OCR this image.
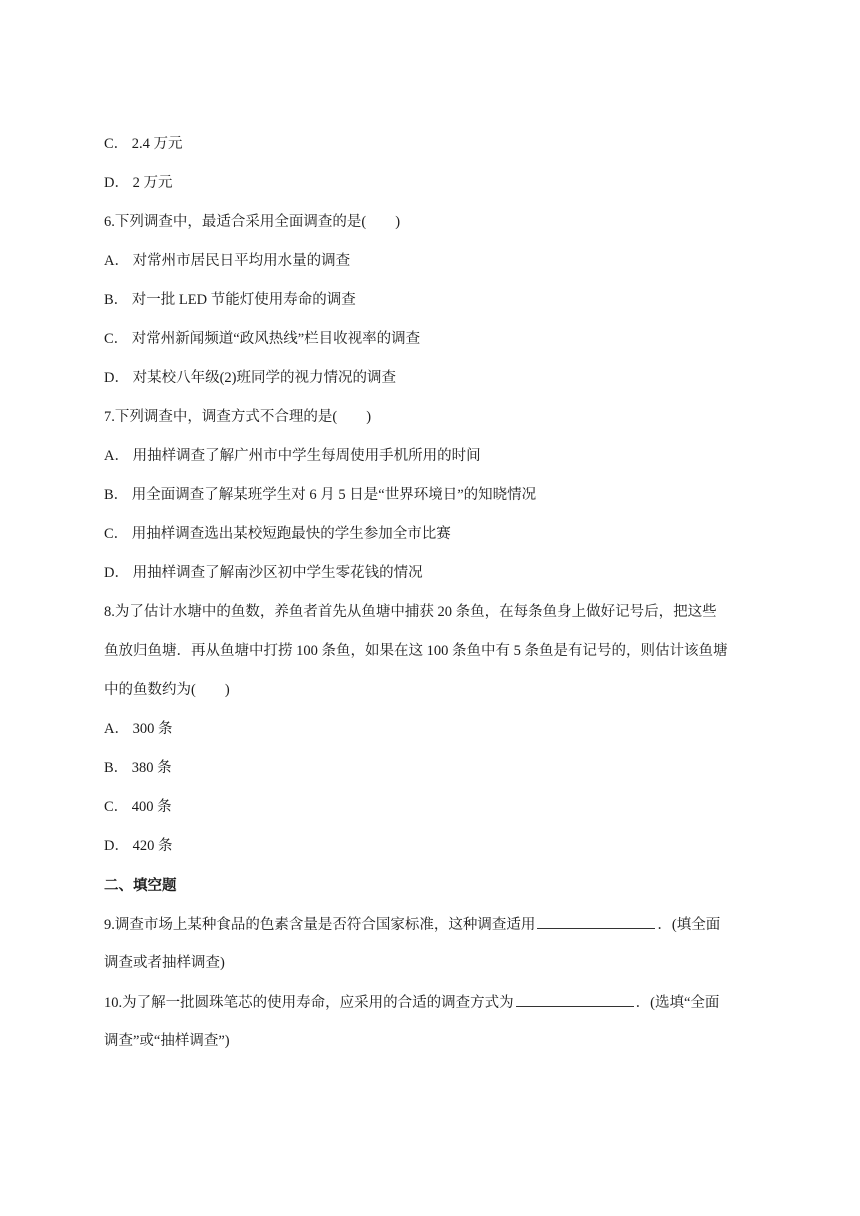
C． 2.4 万元
D． 2 万元
6.下列调查中，最适合采用全面调查的是(　　)
A． 对常州市居民日平均用水量的调查
B． 对一批 LED 节能灯使用寿命的调查
C． 对常州新闻频道“政风热线”栏目收视率的调查
D． 对某校八年级(2)班同学的视力情况的调查
7.下列调查中，调查方式不合理的是(　　)
A． 用抽样调查了解广州市中学生每周使用手机所用的时间
B． 用全面调查了解某班学生对 6 月 5 日是“世界环境日”的知晓情况
C． 用抽样调查选出某校短跑最快的学生参加全市比赛
D． 用抽样调查了解南沙区初中学生零花钱的情况
8.为了估计水塘中的鱼数，养鱼者首先从鱼塘中捕获 20 条鱼，在每条鱼身上做好记号后，把这些
鱼放归鱼塘．再从鱼塘中打捞 100 条鱼，如果在这 100 条鱼中有 5 条鱼是有记号的，则估计该鱼塘
中的鱼数约为(　　)
A． 300 条
B． 380 条
C． 400 条
D． 420 条
二、填空题
9.调查市场上某种食品的色素含量是否符合国家标准，这种调查适用	．(填全面
调查或者抽样调查)
10.为了解一批圆珠笔芯的使用寿命，应采用的合适的调查方式为	．(选填“全面
调查”或“抽样调查”)
